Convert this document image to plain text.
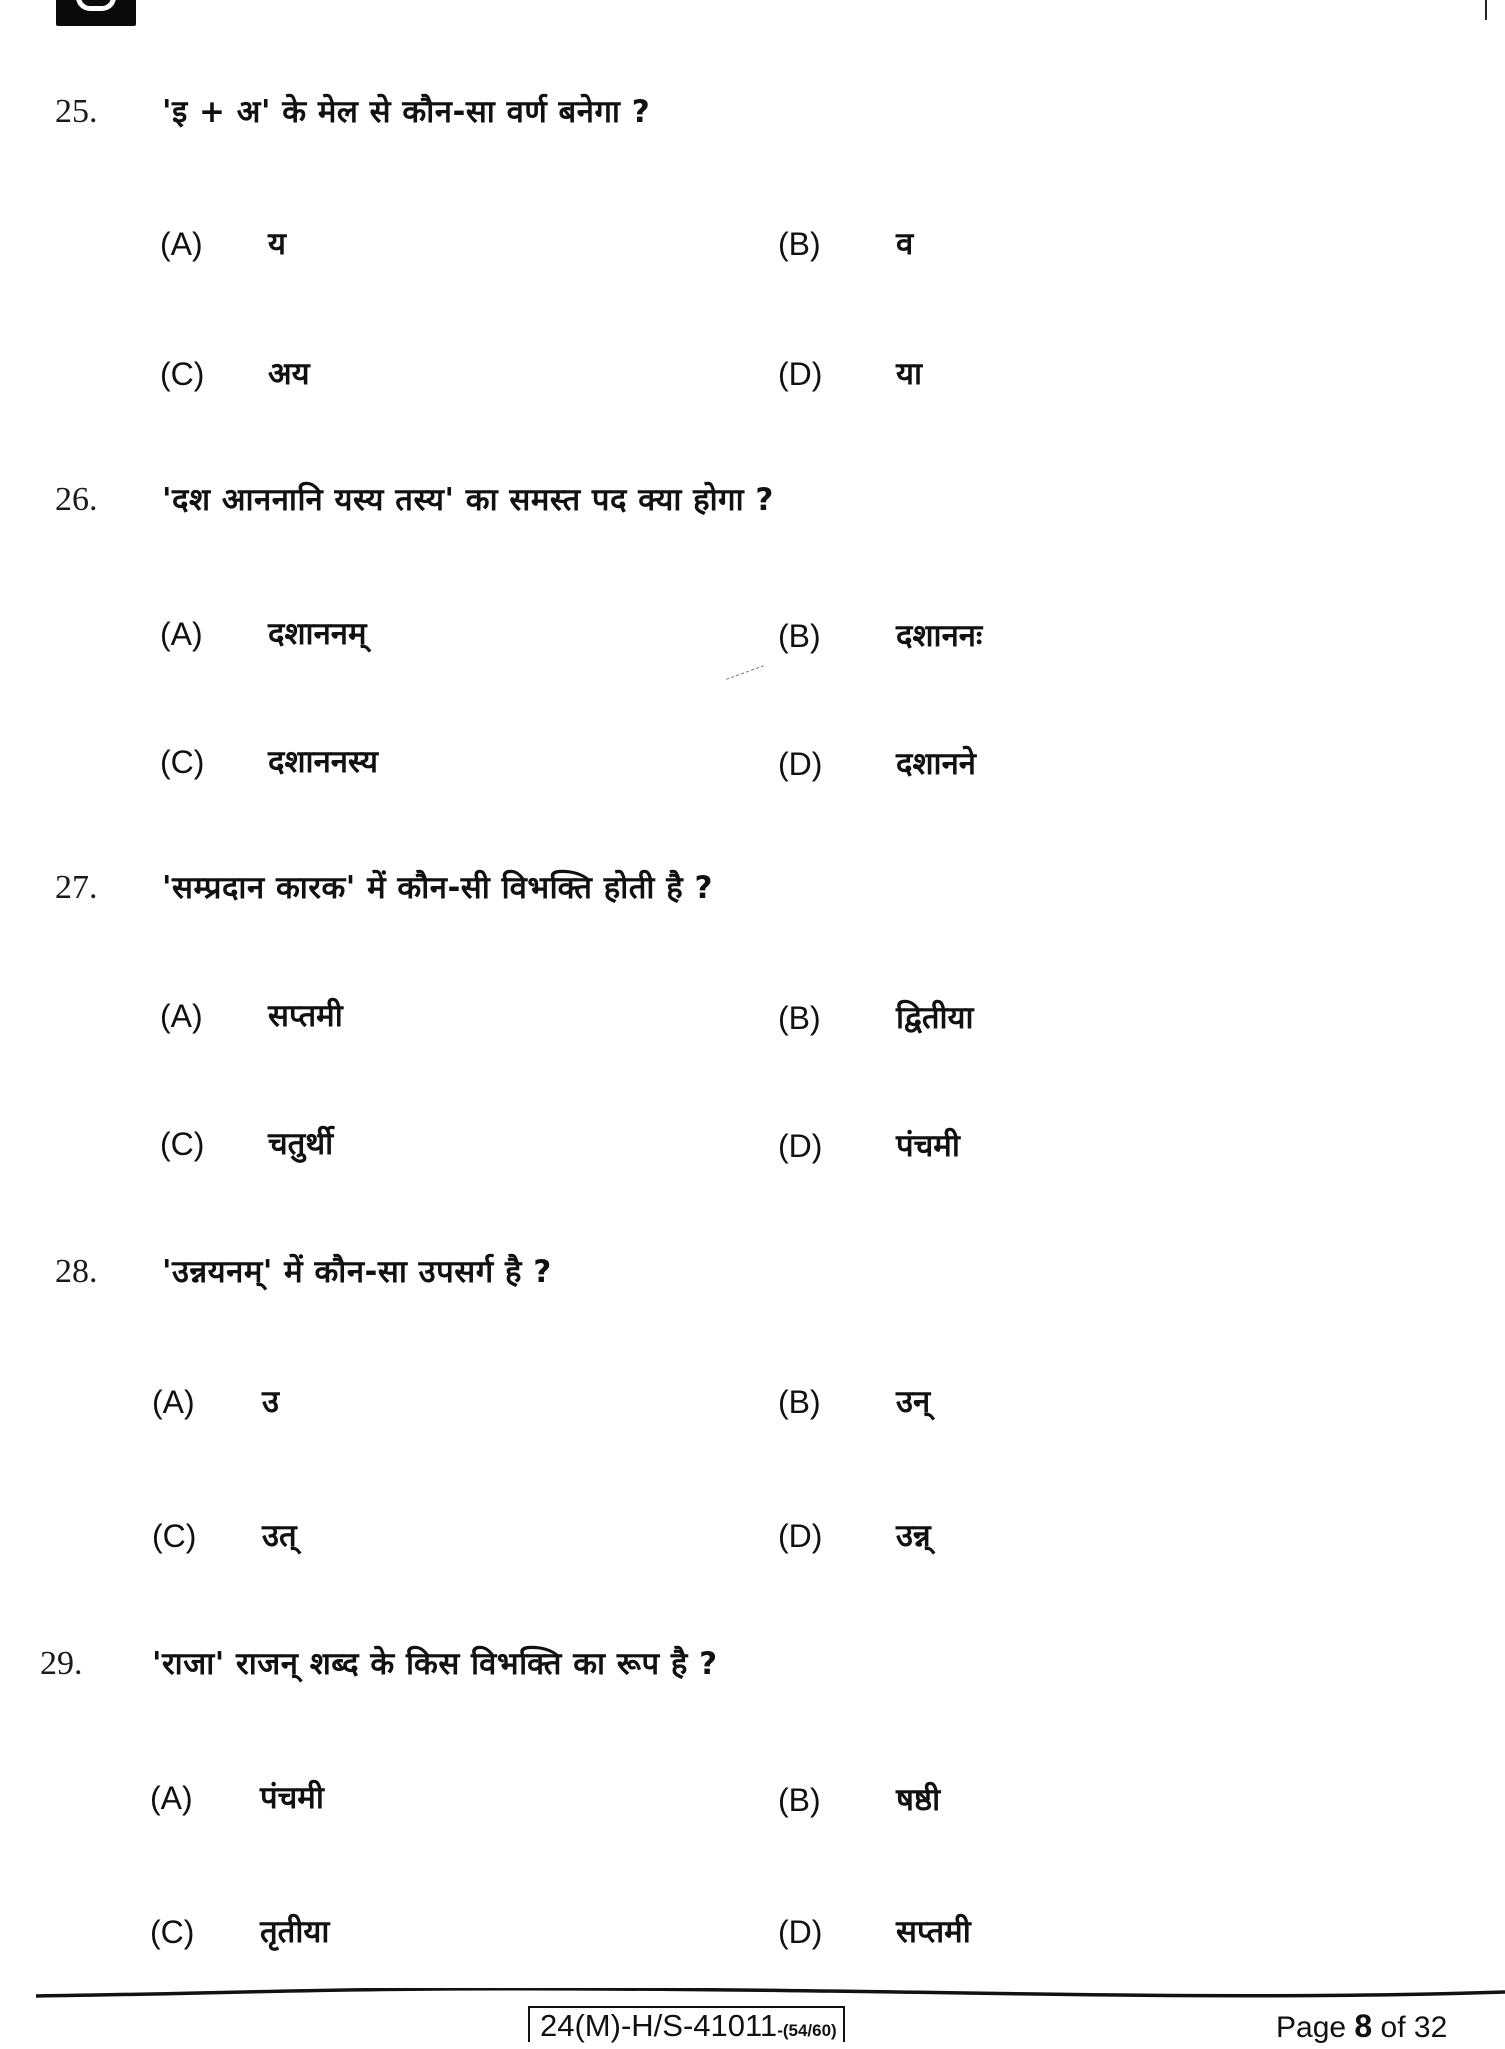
25. 'इ + अ' के मेल से कौन-सा वर्ण बनेगा ?
(A) य	(B) व
(C) अय	(D) या
26. 'दश आननानि यस्य तस्य' का समस्त पद क्या होगा ?
(A) दशाननम्	(B) दशाननः
(C) दशाननस्य	(D) दशानने
27. 'सम्प्रदान कारक' में कौन-सी विभक्ति होती है ?
(A) सप्तमी	(B) द्वितीया
(C) चतुर्थी	(D) पंचमी
28. 'उन्नयनम्' में कौन-सा उपसर्ग है ?
(A) उ	(B) उन्
(C) उत्	(D) उन्न्
29. 'राजा' राजन् शब्द के किस विभक्ति का रूप है ?
(A) पंचमी	(B) षष्ठी
(C) तृतीया	(D) सप्तमी
24(M)-H/S-41011-(54/60)	Page 8 of 32
